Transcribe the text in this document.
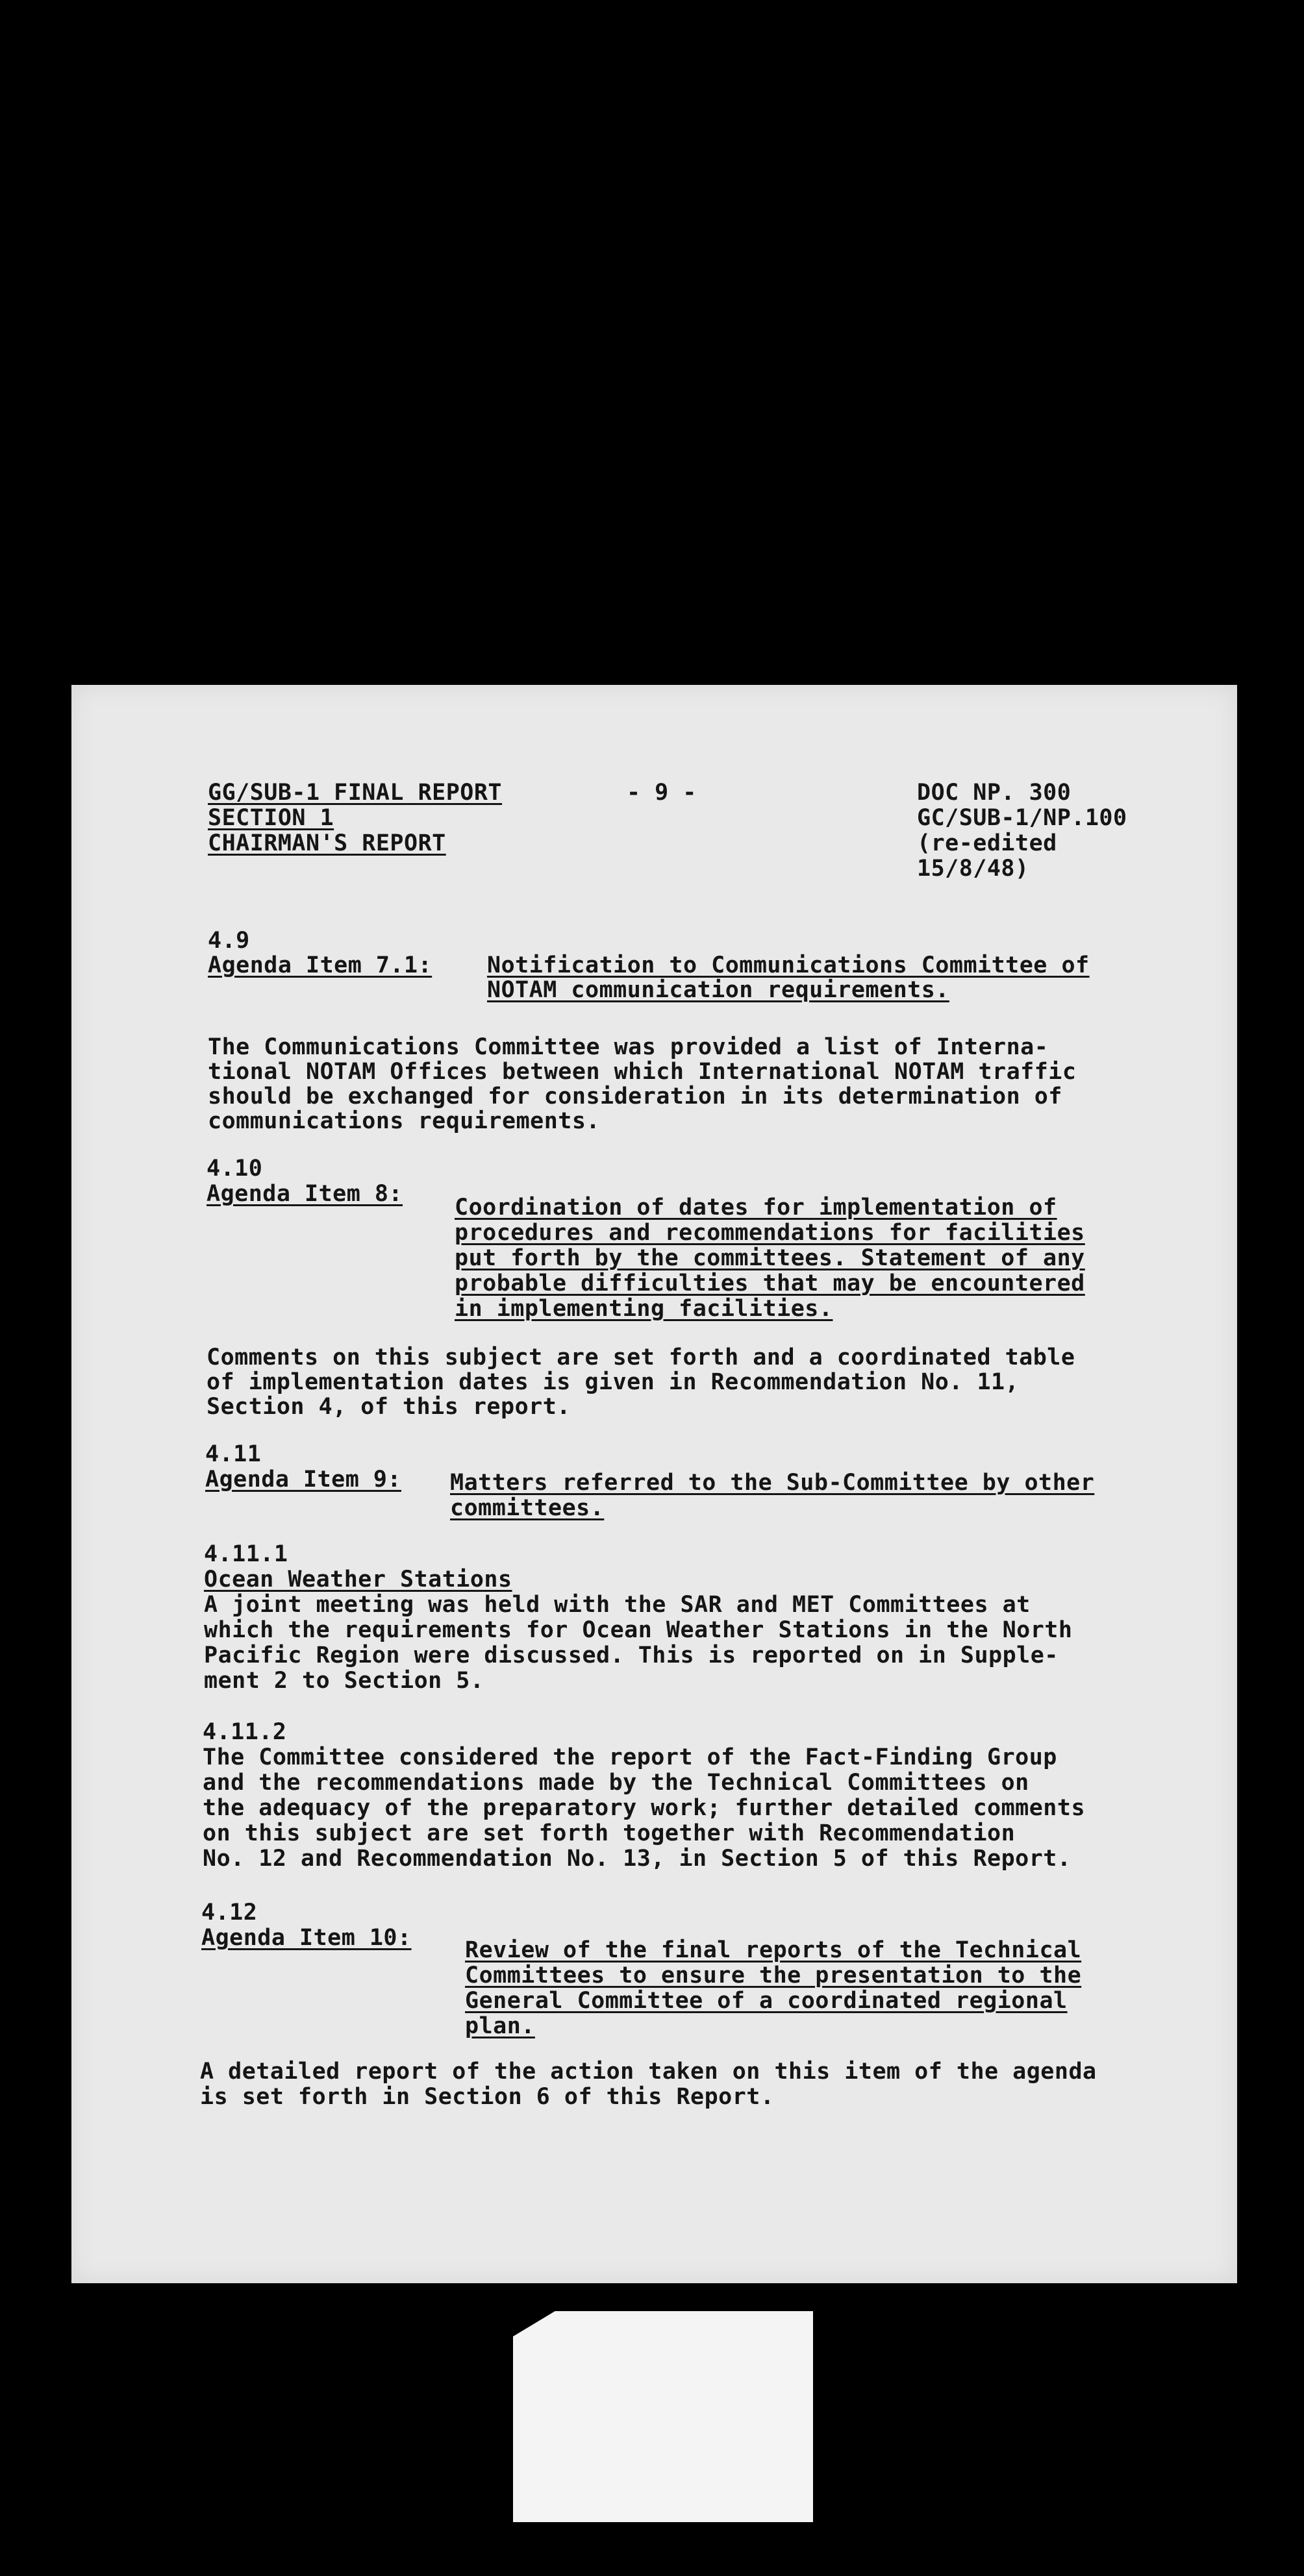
GG/SUB-1 FINAL REPORT
SECTION 1
CHAIRMAN'S REPORT
- 9 -	DOC NP. 300
GC/SUB-1/NP.100
(re-edited
15/8/48)
4.9
Agenda Item 7.1: Notification to Communications Committee of
NOTAM communication requirements.
The Communications Committee was provided a list of Interna-
tional NOTAM Offices between which International NOTAM traffic
should be exchanged for consideration in its determination of
communications requirements.
4.10
Agenda Item 8:
Coordination of dates for implementation of
procedures and recommendations for facilities
put forth by the committees. Statement of any
probable difficulties that may be encountered
in implementing facilities.
Comments on this subject are set forth and a coordinated table
of implementation dates is given in Recommendation No. 11,
Section 4, of this report.
4.11
Agenda Item 9: Matters referred to the Sub-Committee by other
committees.
4.11.1
Ocean Weather Stations
A joint meeting was held with the SAR and MET Committees at
which the requirements for Ocean Weather Stations in the North
Pacific Region were discussed. This is reported on in Supple-
ment 2 to Section 5.
4.11.2
The Committee considered the report of the Fact-Finding Group
and the recommendations made by the Technical Committees on
the adequacy of the preparatory work; further detailed comments
on this subject are set forth together with Recommendation
No. 12 and Recommendation No. 13, in Section 5 of this Report.
4.12
Agenda Item 10: Review of the final reports of the Technical
Committees to ensure the presentation to the
General Committee of a coordinated regional
plan.
A detailed report of the action taken on this item of the agenda
is set forth in Section 6 of this Report.
